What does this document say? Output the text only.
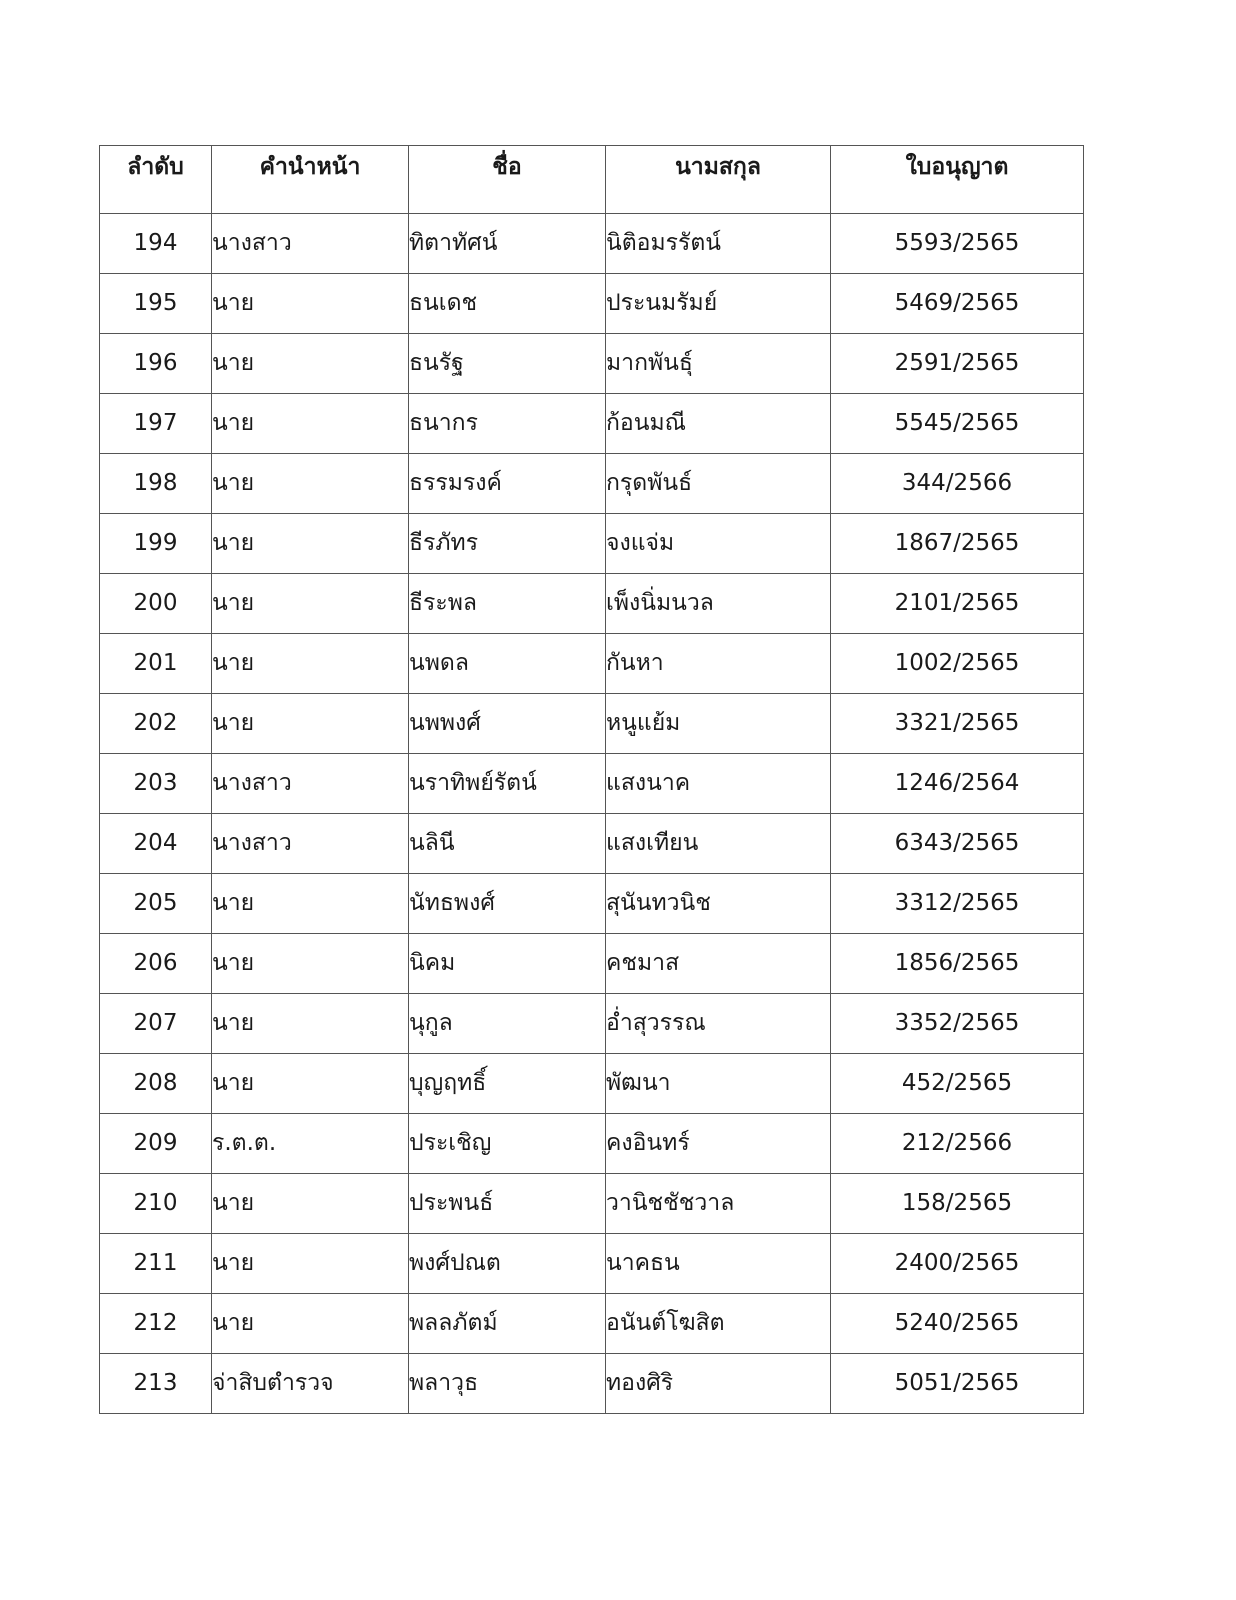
ลำดับ	คำนำหน้า	ชื่อ	นามสกุล	ใบอนุญาต
194	นางสาว	ทิตาทัศน์	นิติอมรรัตน์	5593/2565
195	นาย	ธนเดช	ประนมรัมย์	5469/2565
196	นาย	ธนรัฐ	มากพันธุ์	2591/2565
197	นาย	ธนากร	ก้อนมณี	5545/2565
198	นาย	ธรรมรงค์	กรุดพันธ์	344/2566
199	นาย	ธีรภัทร	จงแจ่ม	1867/2565
200	นาย	ธีระพล	เพ็งนิ่มนวล	2101/2565
201	นาย	นพดล	กันหา	1002/2565
202	นาย	นพพงศ์	หนูแย้ม	3321/2565
203	นางสาว	นราทิพย์รัตน์	แสงนาค	1246/2564
204	นางสาว	นลินี	แสงเทียน	6343/2565
205	นาย	นัทธพงศ์	สุนันทวนิช	3312/2565
206	นาย	นิคม	คชมาส	1856/2565
207	นาย	นุกูล	อ่ำสุวรรณ	3352/2565
208	นาย	บุญฤทธิ์	พัฒนา	452/2565
209	ร.ต.ต.	ประเชิญ	คงอินทร์	212/2566
210	นาย	ประพนธ์	วานิชชัชวาล	158/2565
211	นาย	พงศ์ปณต	นาคธน	2400/2565
212	นาย	พลลภัตม์	อนันต์โฆสิต	5240/2565
213	จ่าสิบตำรวจ	พลาวุธ	ทองศิริ	5051/2565
